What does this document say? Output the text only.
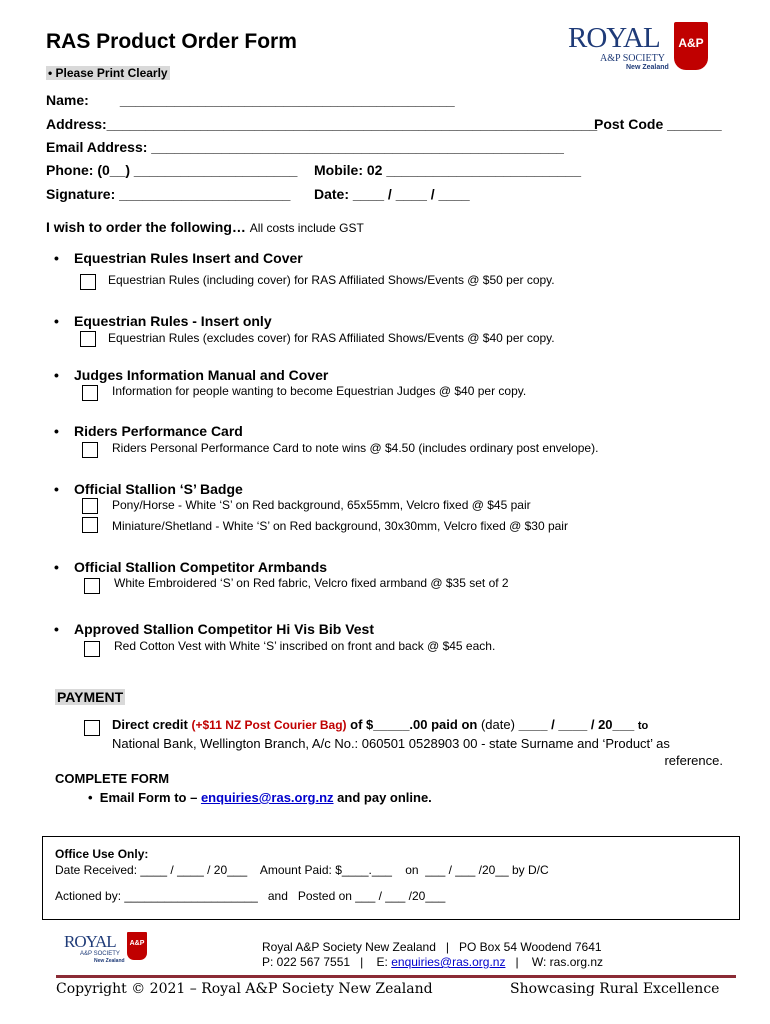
RAS Product Order Form
• Please Print Clearly
ROYAL	A&P
A&P SOCIETY
New Zealand
Name:        ___________________________________________
Address:_______________________________________________________________
Post Code _______
Email Address: _____________________________________________________
Phone: (0__) _____________________ Mobile: 02 _________________________
Signature: ______________________ Date: ____ / ____ / ____
I wish to order the following… All costs include GST
• Equestrian Rules Insert and Cover
Equestrian Rules (including cover) for RAS Affiliated Shows/Events @ $50 per copy.
• Equestrian Rules - Insert only
Equestrian Rules (excludes cover) for RAS Affiliated Shows/Events @ $40 per copy.
• Judges Information Manual and Cover
Information for people wanting to become Equestrian Judges @ $40 per copy.
• Riders Performance Card
Riders Personal Performance Card to note wins @ $4.50 (includes ordinary post envelope).
• Official Stallion ‘S’ Badge
Pony/Horse - White ‘S’ on Red background, 65x55mm, Velcro fixed @ $45 pair
Miniature/Shetland - White ‘S’ on Red background, 30x30mm, Velcro fixed @ $30 pair
• Official Stallion Competitor Armbands
White Embroidered ‘S’ on Red fabric, Velcro fixed armband @ $35 set of 2
• Approved Stallion Competitor Hi Vis Bib Vest
Red Cotton Vest with White ‘S’ inscribed on front and back @ $45 each.
PAYMENT
Direct credit (+$11 NZ Post Courier Bag) of $_____.00 paid on (date) ____ / ____ / 20___ to
National Bank, Wellington Branch, A/c No.: 060501 0528903 00 - state Surname and ‘Product’ as
reference.
COMPLETE FORM
•  Email Form to – enquiries@ras.org.nz and pay online.
Office Use Only:
Date Received: ____ / ____ / 20___    Amount Paid: $____.___    on  ___ / ___ /20__ by D/C
Actioned by: ____________________   and   Posted on ___ / ___ /20___
ROYAL	A&P
A&P SOCIETY
New Zealand
Royal A&P Society New Zealand   |   PO Box 54 Woodend 7641
P: 022 567 7551   |    E: enquiries@ras.org.nz   |    W: ras.org.nz
Copyright © 2021 – Royal A&P Society New Zealand	Showcasing Rural Excellence
